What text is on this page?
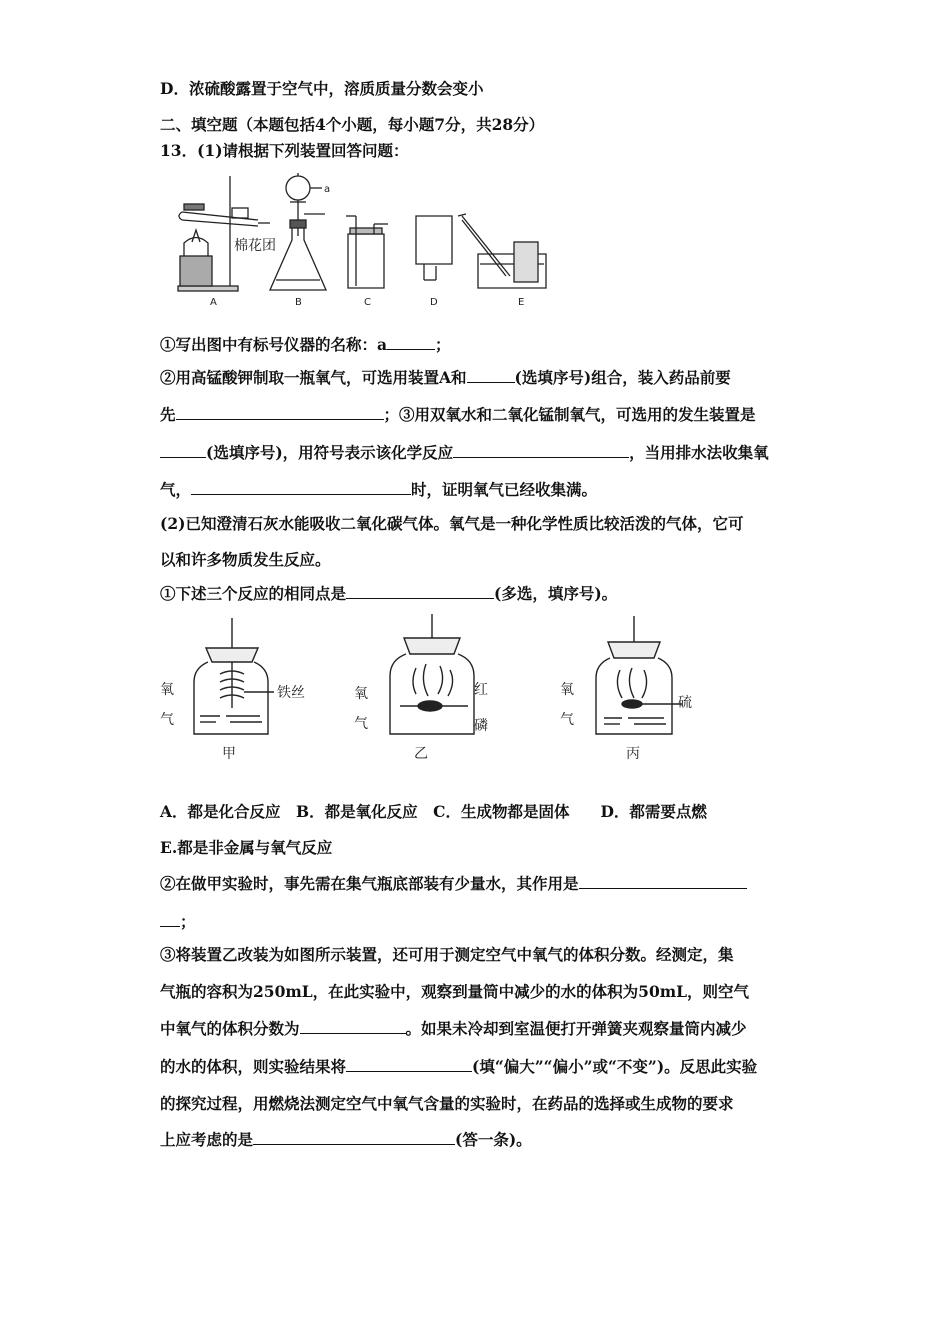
D．浓硫酸露置于空气中，溶质质量分数会变小
二、填空题（本题包括4个小题，每小题7分，共28分）
13．(1)请根据下列装置回答问题：
A
棉花团
a
B	C	D	E
①写出图中有标号仪器的名称：a	；
②用高锰酸钾制取一瓶氧气，可选用装置A和	(选填序号)组合，装入药品前要
先	；③用双氧水和二氧化锰制氧气，可选用的发生装置是
(选填序号)，用符号表示该化学反应	，当用排水法收集氧
气，	时，证明氧气已经收集满。
(2)已知澄清石灰水能吸收二氧化碳气体。氧气是一种化学性质比较活泼的气体，它可
以和许多物质发生反应。
①下述三个反应的相同点是	(多选，填序号)。
氧
气
铁丝
甲
氧
气
红
磷
乙
氧
气
硫
丙
A．都是化合反应　B．都是氧化反应　C．生成物都是固体　　D．都需要点燃
E.都是非金属与氧气反应
②在做甲实验时，事先需在集气瓶底部装有少量水，其作用是
；
③将装置乙改装为如图所示装置，还可用于测定空气中氧气的体积分数。经测定，集
气瓶的容积为250mL，在此实验中，观察到量筒中减少的水的体积为50mL，则空气
中氧气的体积分数为	。如果未冷却到室温便打开弹簧夹观察量筒内减少
的水的体积，则实验结果将	(填“偏大”“偏小”或“不变”)。反思此实验
的探究过程，用燃烧法测定空气中氧气含量的实验时，在药品的选择或生成物的要求
上应考虑的是	(答一条)。
